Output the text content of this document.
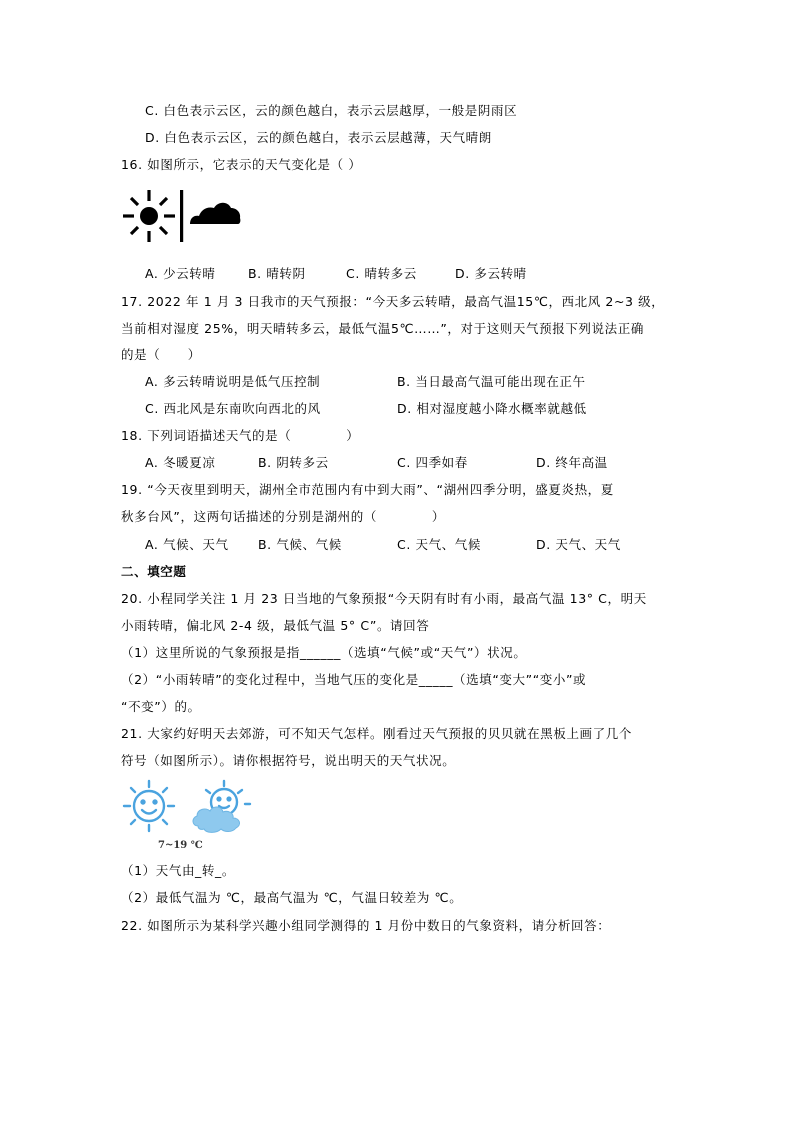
C. 白色表示云区，云的颜色越白，表示云层越厚，一般是阴雨区
D. 白色表示云区，云的颜色越白，表示云层越薄，天气晴朗
16. 如图所示，它表示的天气变化是（ ）
A. 少云转晴	B. 晴转阴	C. 晴转多云	D. 多云转晴
17. 2022 年 1 月 3 日我市的天气预报：“今天多云转晴，最高气温15℃，西北风 2~3 级，
当前相对湿度 25%，明天晴转多云，最低气温5℃……”，对于这则天气预报下列说法正确
的是（      ）
A. 多云转晴说明是低气压控制	B. 当日最高气温可能出现在正午
C. 西北风是东南吹向西北的风	D. 相对湿度越小降水概率就越低
18. 下列词语描述天气的是（            ）
A. 冬暖夏凉	B. 阴转多云	C. 四季如春	D. 终年高温
19. “今天夜里到明天，湖州全市范围内有中到大雨”、“湖州四季分明，盛夏炎热，夏
秋多台风”，这两句话描述的分别是湖州的（            ）
A. 气候、天气 B. 气候、气候	C. 天气、气候	D. 天气、天气
二、填空题
20. 小程同学关注 1 月 23 日当地的气象预报“今天阴有时有小雨，最高气温 13° C，明天
小雨转晴，偏北风 2-4 级，最低气温 5° C”。请回答
（1）这里所说的气象预报是指______（选填“气候”或“天气”）状况。
（2）“小雨转晴”的变化过程中，当地气压的变化是_____（选填“变大”“变小”或
“不变”）的。
21. 大家约好明天去郊游，可不知天气怎样。刚看过天气预报的贝贝就在黑板上画了几个
符号（如图所示）。请你根据符号，说出明天的天气状况。
7~19 ℃
（1）天气由_转_。
（2）最低气温为 ℃，最高气温为 ℃，气温日较差为 ℃。
22. 如图所示为某科学兴趣小组同学测得的 1 月份中数日的气象资料，请分析回答：
